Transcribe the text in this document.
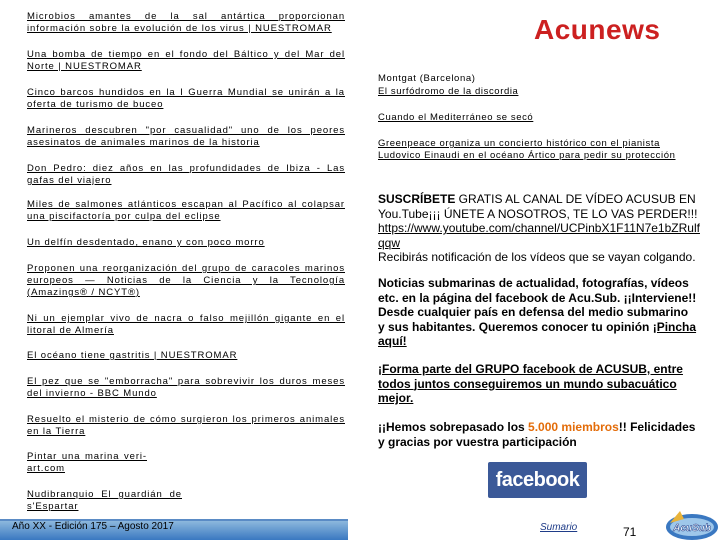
Acunews
Microbios amantes de la sal antártica proporcionan información sobre la evolución de los virus | NUESTROMAR
Una bomba de tiempo en el fondo del Báltico y del Mar del Norte | NUESTROMAR
Cinco barcos hundidos en la I Guerra Mundial se unirán a la oferta de turismo de buceo
Marineros descubren "por casualidad" uno de los peores asesinatos de animales marinos de la historia
Don Pedro: diez años en las profundidades de Ibiza - Las gafas del viajero
Miles de salmones atlánticos escapan al Pacífico al colapsar una piscifactoría por culpa del eclipse
Un delfín desdentado, enano y con poco morro
Proponen una reorganización del grupo de caracoles marinos europeos — Noticias de la Ciencia y la Tecnología (Amazings® / NCYT®)
Ni un ejemplar vivo de nacra o falso mejillón gigante en el litoral de Almería
El océano tiene gastritis | NUESTROMAR
El pez que se "emborracha" para sobrevivir los duros meses del invierno - BBC Mundo
Resuelto el misterio de cómo surgieron los primeros animales en la Tierra
Pintar una marina veri-art.com
Nudibranquio El guardián de s'Espartar
Montgat (Barcelona)
El surfódromo de la discordia
Cuando el Mediterráneo se secó
Greenpeace organiza un concierto histórico con el pianista Ludovico Einaudi en el océano Ártico para pedir su protección
SUSCRÍBETE GRATIS AL CANAL DE VÍDEO ACUSUB EN You.Tube¡¡¡ ÚNETE A NOSOTROS, TE LO VAS PERDER!!! https://www.youtube.com/channel/UCPinbX1F11N7e1bZRulfqqw
Recibirás notificación de los vídeos que se vayan colgando.
Noticias submarinas de actualidad, fotografías, vídeos etc. en la página del facebook de Acu.Sub. ¡¡Interviene!! Desde cualquier país en defensa del medio submarino y sus habitantes. Queremos conocer tu opinión ¡Pincha aquí!
¡Forma parte del GRUPO facebook de ACUSUB, entre todos juntos conseguiremos un mundo subacuático mejor.
¡¡Hemos sobrepasado los 5.000 miembros!! Felicidades y gracias por vuestra participación
facebook
Año XX - Edición 175 – Agosto 2017	Sumario	71	AcuSub
